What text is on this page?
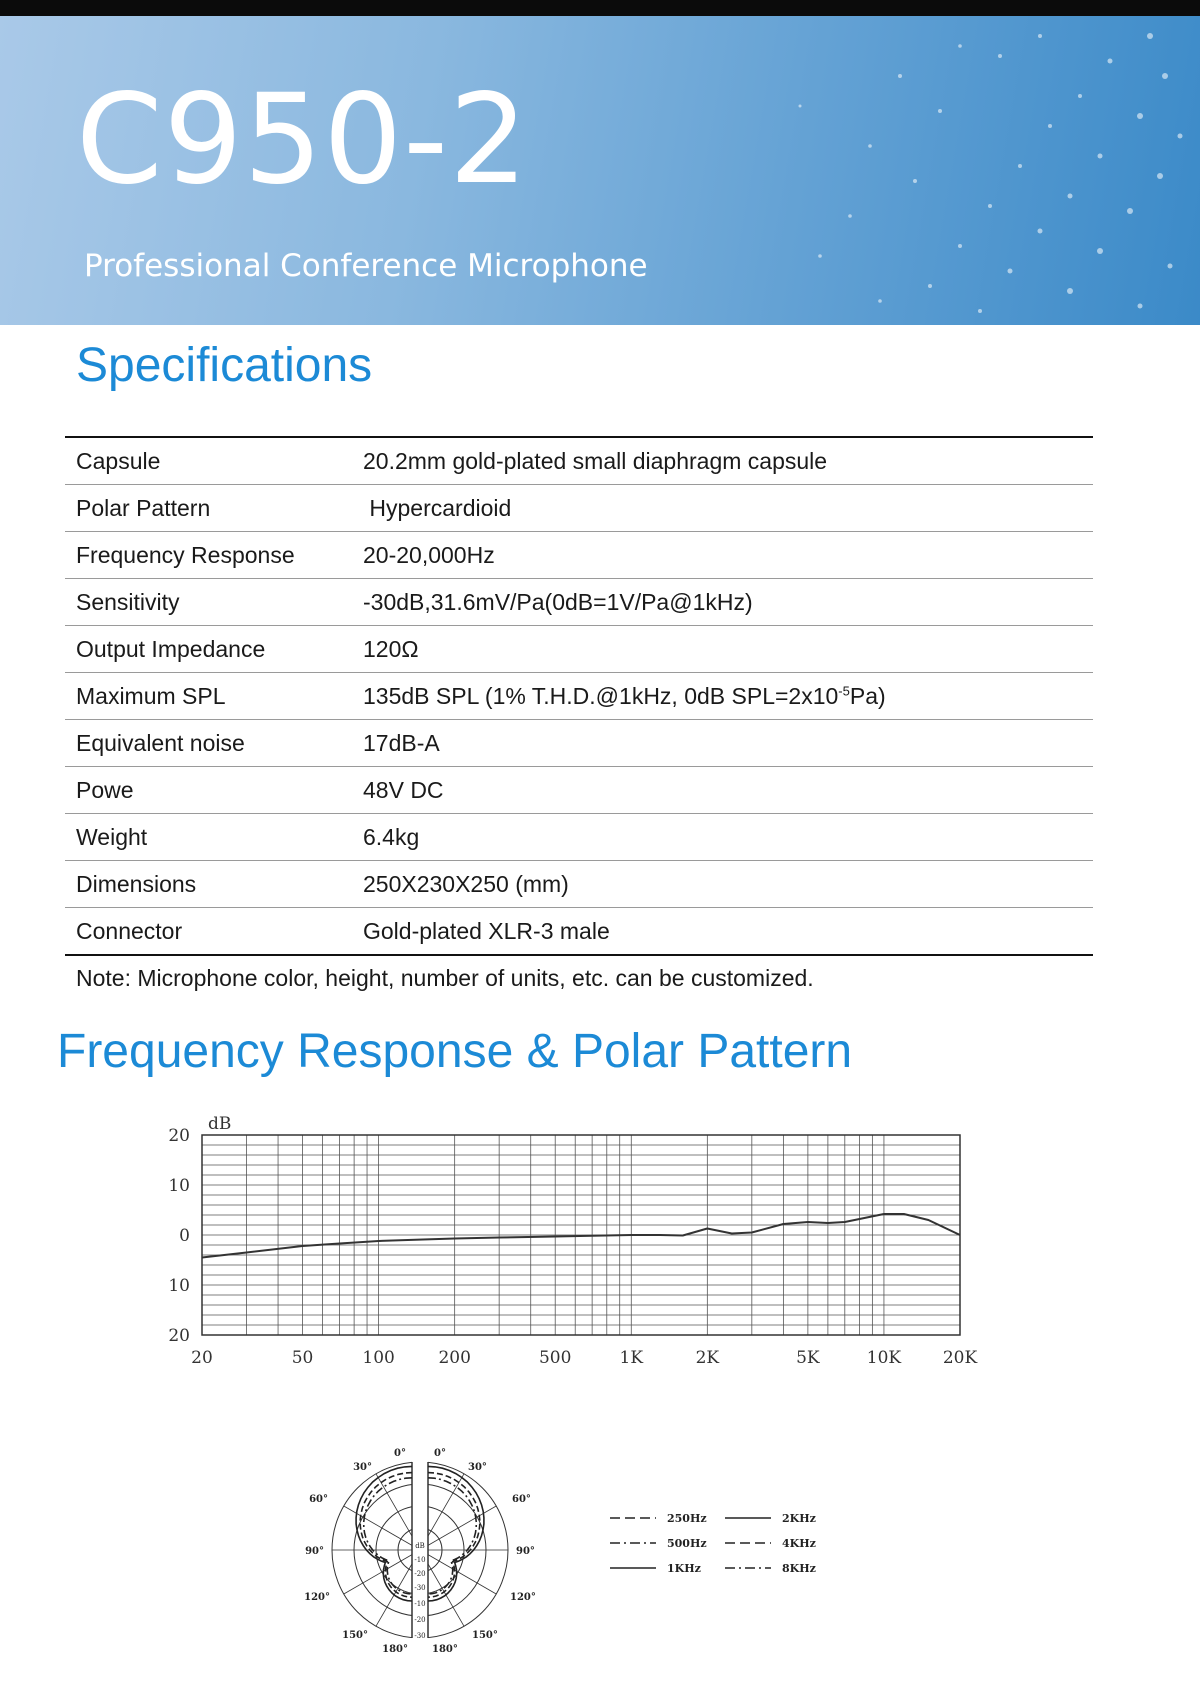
C950-2
Professional Conference Microphone
Specifications
Capsule	20.2mm gold-plated small diaphragm capsule
Polar Pattern	Hypercardioid
Frequency Response	20-20,000Hz
Sensitivity	-30dB,31.6mV/Pa(0dB=1V/Pa@1kHz)
Output Impedance	120Ω
Maximum SPL	135dB SPL (1% T.H.D.@1kHz, 0dB $SPL=2x10^{-5}Pa$)
Equivalent noise	17dB-A
Powe	48V DC
Weight	6.4kg
Dimensions	250X230X250 (mm)
Connector	Gold-plated XLR-3 male
Note: Microphone color, height, number of units, etc. can be customized.
Frequency Response & Polar Pattern
20
10
0
10
20
20	50	100	200	500	1K	2K	5K	10K 20K
dB
0°	0°
30°	30°
60°	60°
90°	90°
120°	120°
150°	150°
180° 180°
dB
-10
-20
-30
-10
-20
-30
250Hz	2KHz
500Hz	4KHz
1KHz	8KHz
